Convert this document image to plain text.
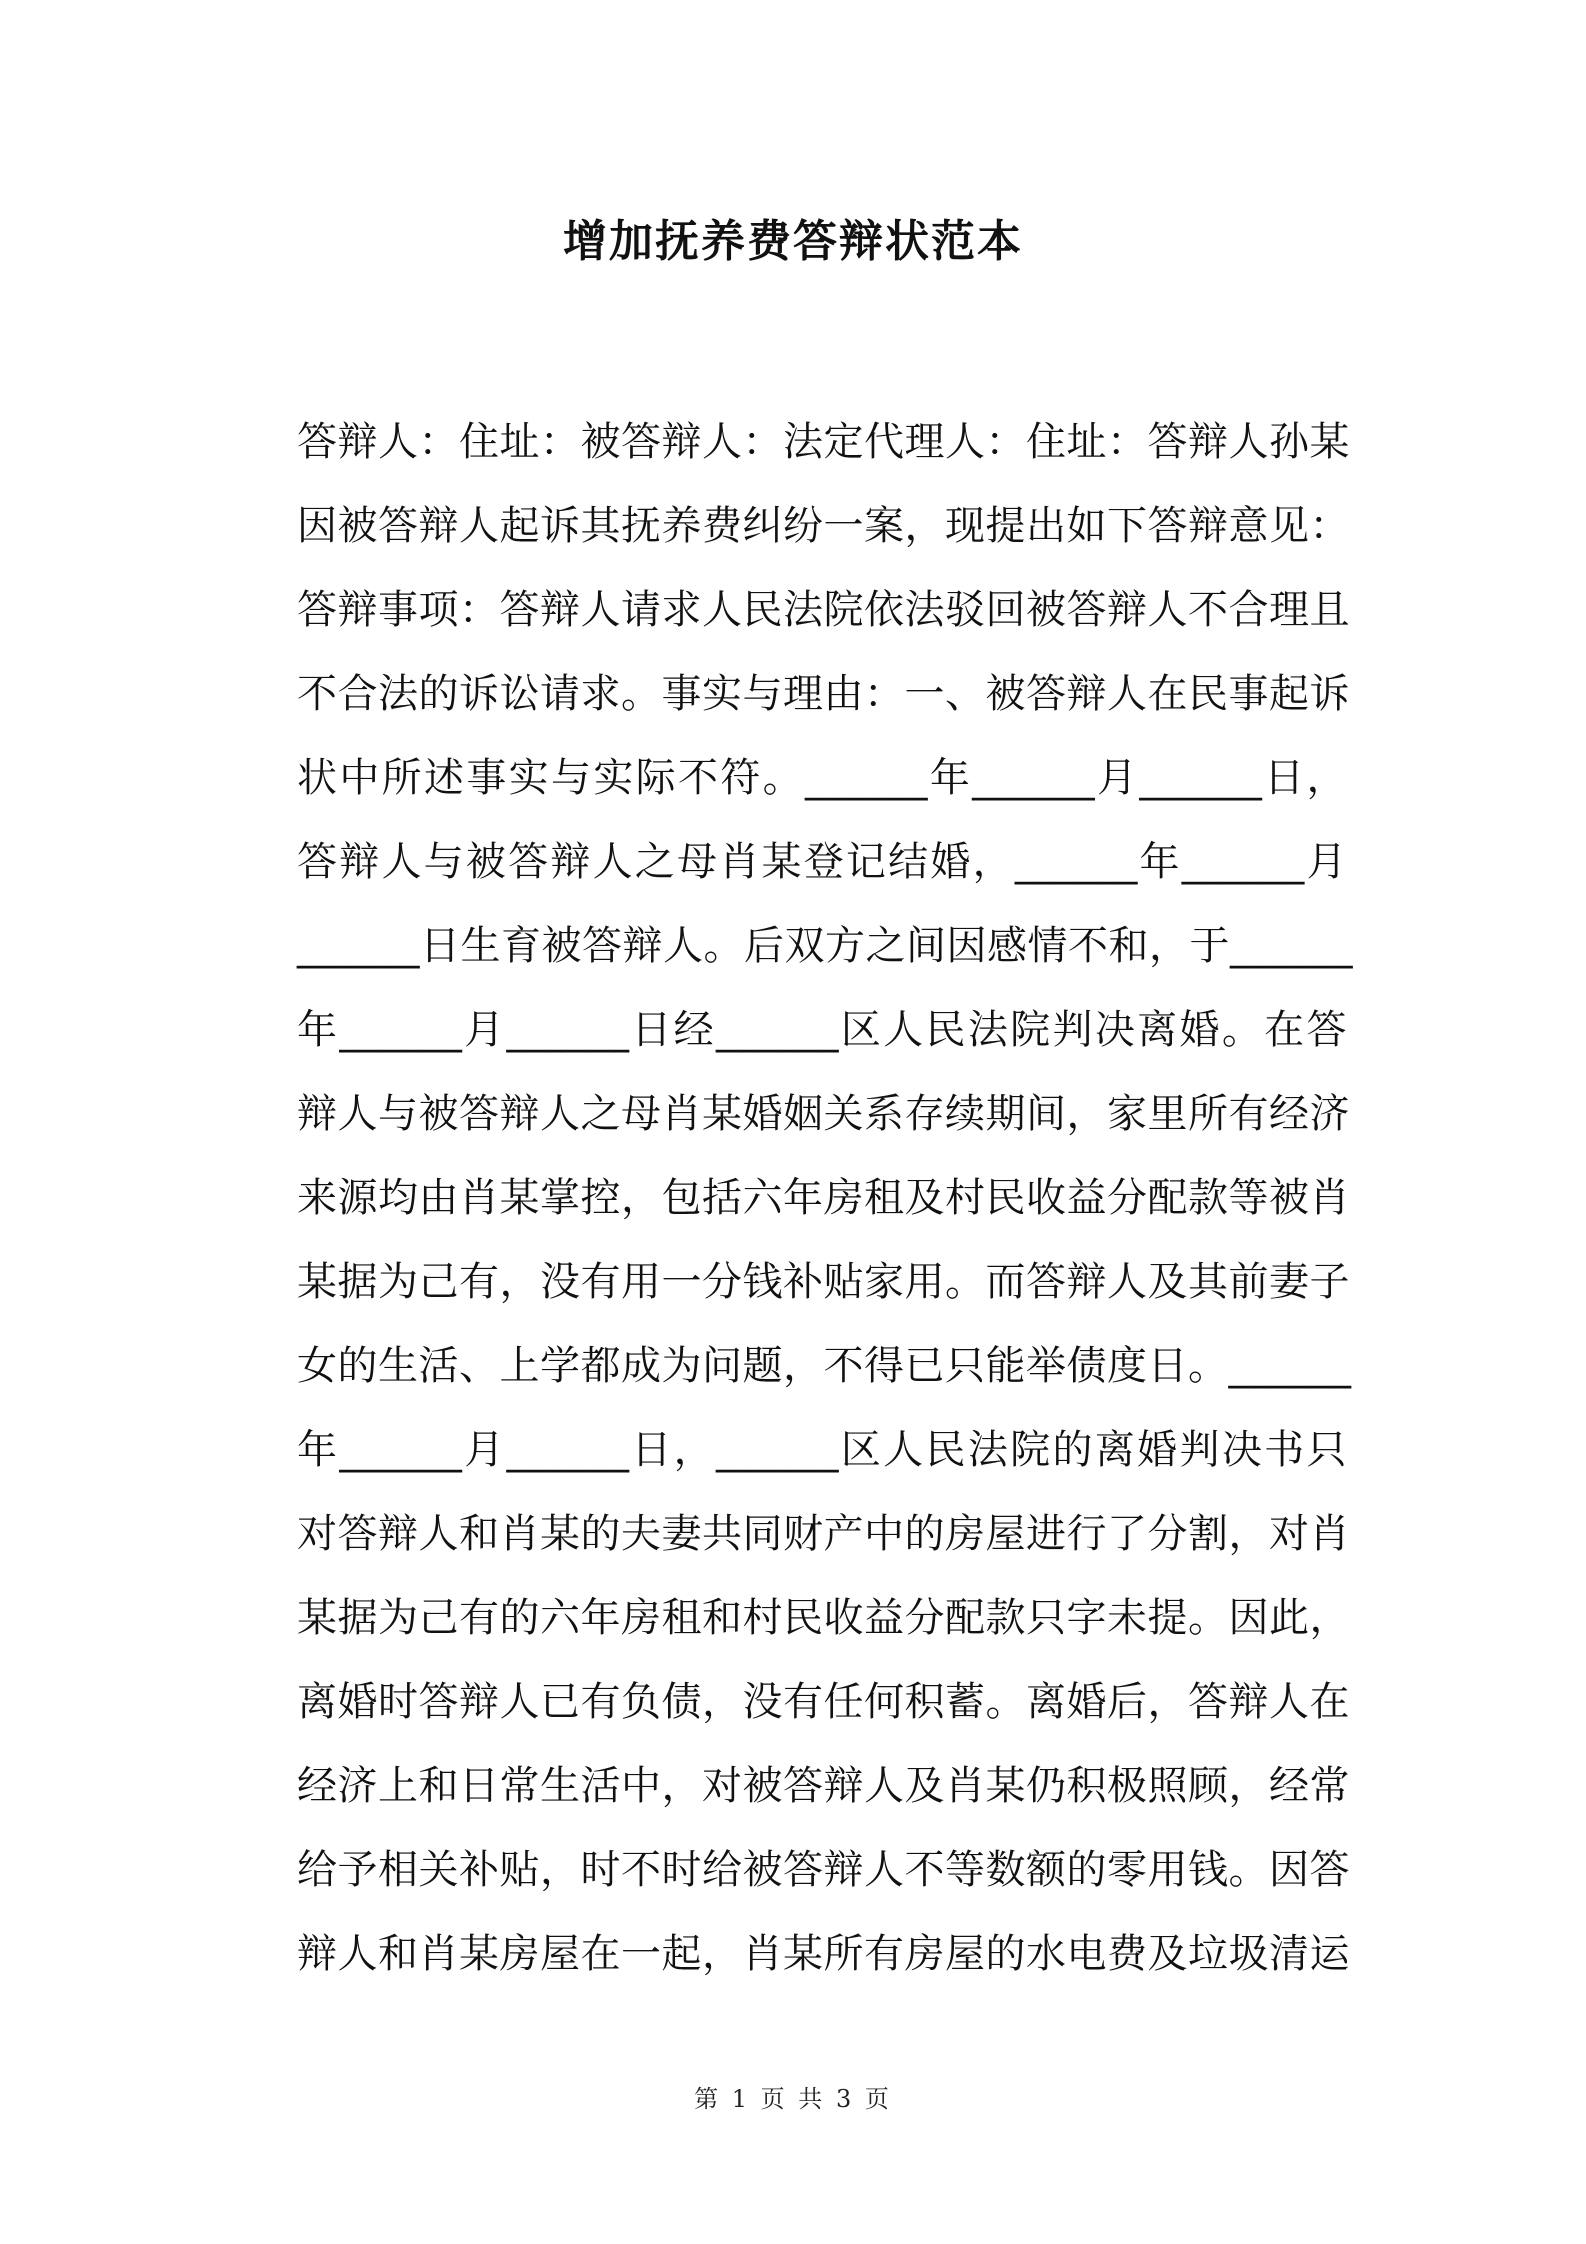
增加抚养费答辩状范本
答辩人：住址：被答辩人：法定代理人：住址：答辩人孙某
因被答辩人起诉其抚养费纠纷一案，现提出如下答辩意见：
答辩事项：答辩人请求人民法院依法驳回被答辩人不合理且
不合法的诉讼请求。事实与理由：一、被答辩人在民事起诉
状中所述事实与实际不符。______年______月______日，
答辩人与被答辩人之母肖某登记结婚，______年______月
______日生育被答辩人。后双方之间因感情不和，于______
年______月______日经______区人民法院判决离婚。在答
辩人与被答辩人之母肖某婚姻关系存续期间，家里所有经济
来源均由肖某掌控，包括六年房租及村民收益分配款等被肖
某据为己有，没有用一分钱补贴家用。而答辩人及其前妻子
女的生活、上学都成为问题，不得已只能举债度日。______
年______月______日，______区人民法院的离婚判决书只
对答辩人和肖某的夫妻共同财产中的房屋进行了分割，对肖
某据为己有的六年房租和村民收益分配款只字未提。因此，
离婚时答辩人已有负债，没有任何积蓄。离婚后，答辩人在
经济上和日常生活中，对被答辩人及肖某仍积极照顾，经常
给予相关补贴，时不时给被答辩人不等数额的零用钱。因答
辩人和肖某房屋在一起，肖某所有房屋的水电费及垃圾清运
第 1 页 共 3 页
